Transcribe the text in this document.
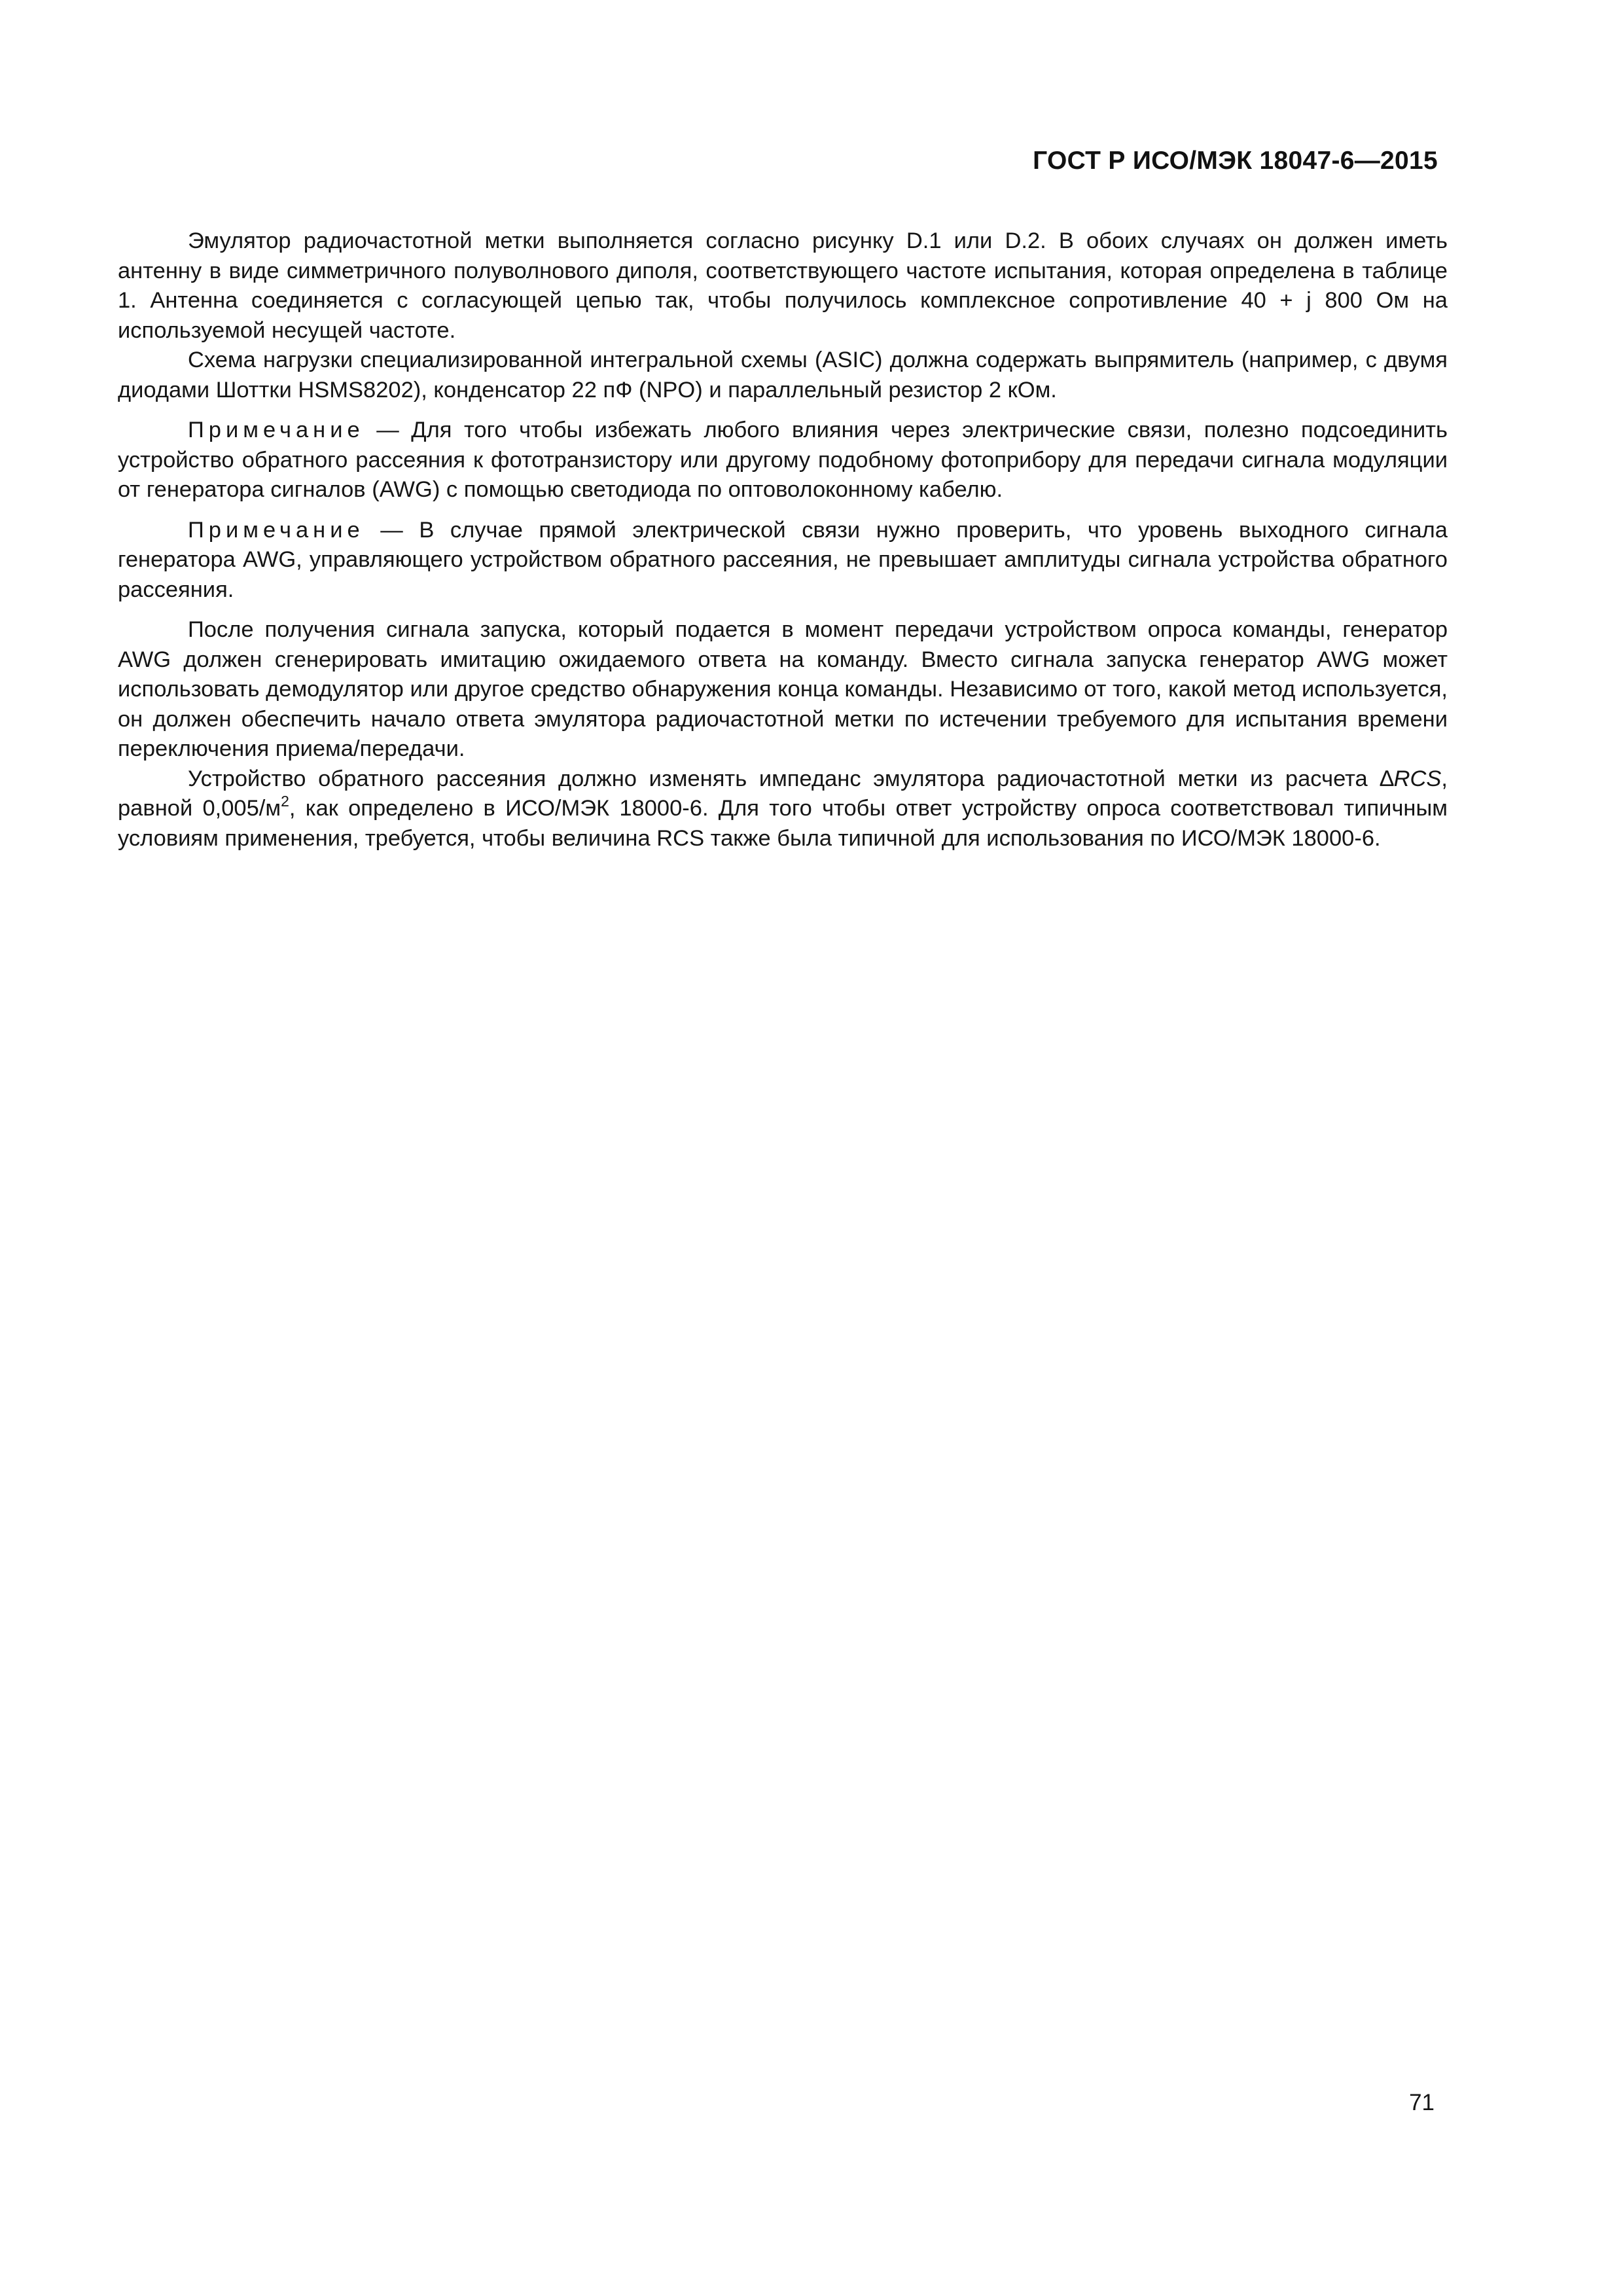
ГОСТ Р ИСО/МЭК 18047-6—2015

Эмулятор радиочастотной метки выполняется согласно рисунку D.1 или D.2. В обоих случаях он должен иметь антенну в виде симметричного полуволнового диполя, соответствующего частоте испытания, которая определена в таблице 1. Антенна соединяется с согласующей цепью так, чтобы получилось комплексное сопротивление 40 + j 800 Ом на используемой несущей частоте.

Схема нагрузки специализированной интегральной схемы (ASIC) должна содержать выпрямитель (например, с двумя диодами Шоттки HSMS8202), конденсатор 22 пФ (NPO) и параллельный резистор 2 кОм.

Примечание — Для того чтобы избежать любого влияния через электрические связи, полезно подсоединить устройство обратного рассеяния к фототранзистору или другому подобному фотоприбору для передачи сигнала модуляции от генератора сигналов (AWG) с помощью светодиода по оптоволоконному кабелю.

Примечание — В случае прямой электрической связи нужно проверить, что уровень выходного сигнала генератора AWG, управляющего устройством обратного рассеяния, не превышает амплитуды сигнала устройства обратного рассеяния.

После получения сигнала запуска, который подается в момент передачи устройством опроса команды, генератор AWG должен сгенерировать имитацию ожидаемого ответа на команду. Вместо сигнала запуска генератор AWG может использовать демодулятор или другое средство обнаружения конца команды. Независимо от того, какой метод используется, он должен обеспечить начало ответа эмулятора радиочастотной метки по истечении требуемого для испытания времени переключения приема/передачи.

Устройство обратного рассеяния должно изменять импеданс эмулятора радиочастотной метки из расчета ∆RCS, равной $0,005/м^2$, как определено в ИСО/МЭК 18000-6. Для того чтобы ответ устройству опроса соответствовал типичным условиям применения, требуется, чтобы величина RCS также была типичной для использования по ИСО/МЭК 18000-6.

71
